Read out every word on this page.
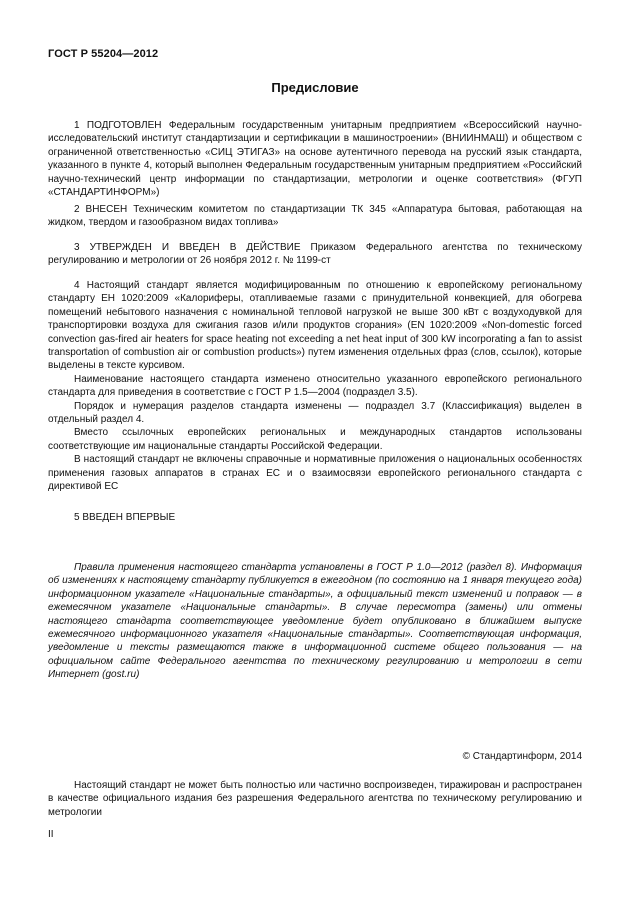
ГОСТ Р 55204—2012
Предисловие

1 ПОДГОТОВЛЕН Федеральным государственным унитарным предприятием «Всероссийский научно-исследовательский институт стандартизации и сертификации в машиностроении» (ВНИИНМАШ) и обществом с ограниченной ответственностью «СИЦ ЭТИГАЗ» на основе аутентичного перевода на русский язык стандарта, указанного в пункте 4, который выполнен Федеральным государственным унитарным предприятием «Российский научно-технический центр информации по стандартизации, метрологии и оценке соответствия» (ФГУП «СТАНДАРТИНФОРМ»)

2 ВНЕСЕН Техническим комитетом по стандартизации ТК 345 «Аппаратура бытовая, работающая на жидком, твердом и газообразном видах топлива»

3 УТВЕРЖДЕН И ВВЕДЕН В ДЕЙСТВИЕ Приказом Федерального агентства по техническому регулированию и метрологии от 26 ноября 2012 г. № 1199-ст

4 Настоящий стандарт является модифицированным по отношению к европейскому региональному стандарту ЕН 1020:2009 «Калориферы, отапливаемые газами с принудительной конвекцией, для обогрева помещений небытового назначения с номинальной тепловой нагрузкой не выше 300 кВт с воздуходувкой для транспортировки воздуха для сжигания газов и/или продуктов сгорания» (EN 1020:2009 «Non-domestic forced convection gas-fired air heaters for space heating not exceeding a net heat input of 300 kW incorporating a fan to assist transportation of combustion air or combustion products») путем изменения отдельных фраз (слов, ссылок), которые выделены в тексте курсивом.

Наименование настоящего стандарта изменено относительно указанного европейского регионального стандарта для приведения в соответствие с ГОСТ Р 1.5—2004 (подраздел 3.5).

Порядок и нумерация разделов стандарта изменены — подраздел 3.7 (Классификация) выделен в отдельный раздел 4.

Вместо ссылочных европейских региональных и международных стандартов использованы соответствующие им национальные стандарты Российской Федерации.

В настоящий стандарт не включены справочные и нормативные приложения о национальных особенностях применения газовых аппаратов в странах ЕС и о взаимосвязи европейского регионального стандарта с директивой ЕС

5 ВВЕДЕН ВПЕРВЫЕ

Правила применения настоящего стандарта установлены в ГОСТ Р 1.0—2012 (раздел 8). Информация об изменениях к настоящему стандарту публикуется в ежегодном (по состоянию на 1 января текущего года) информационном указателе «Национальные стандарты», а официальный текст изменений и поправок — в ежемесячном указателе «Национальные стандарты». В случае пересмотра (замены) или отмены настоящего стандарта соответствующее уведомление будет опубликовано в ближайшем выпуске ежемесячного информационного указателя «Национальные стандарты». Соответствующая информация, уведомление и тексты размещаются также в информационной системе общего пользования — на официальном сайте Федерального агентства по техническому регулированию и метрологии в сети Интернет (gost.ru)

© Стандартинформ, 2014

Настоящий стандарт не может быть полностью или частично воспроизведен, тиражирован и распространен в качестве официального издания без разрешения Федерального агентства по техническому регулированию и метрологии

II
